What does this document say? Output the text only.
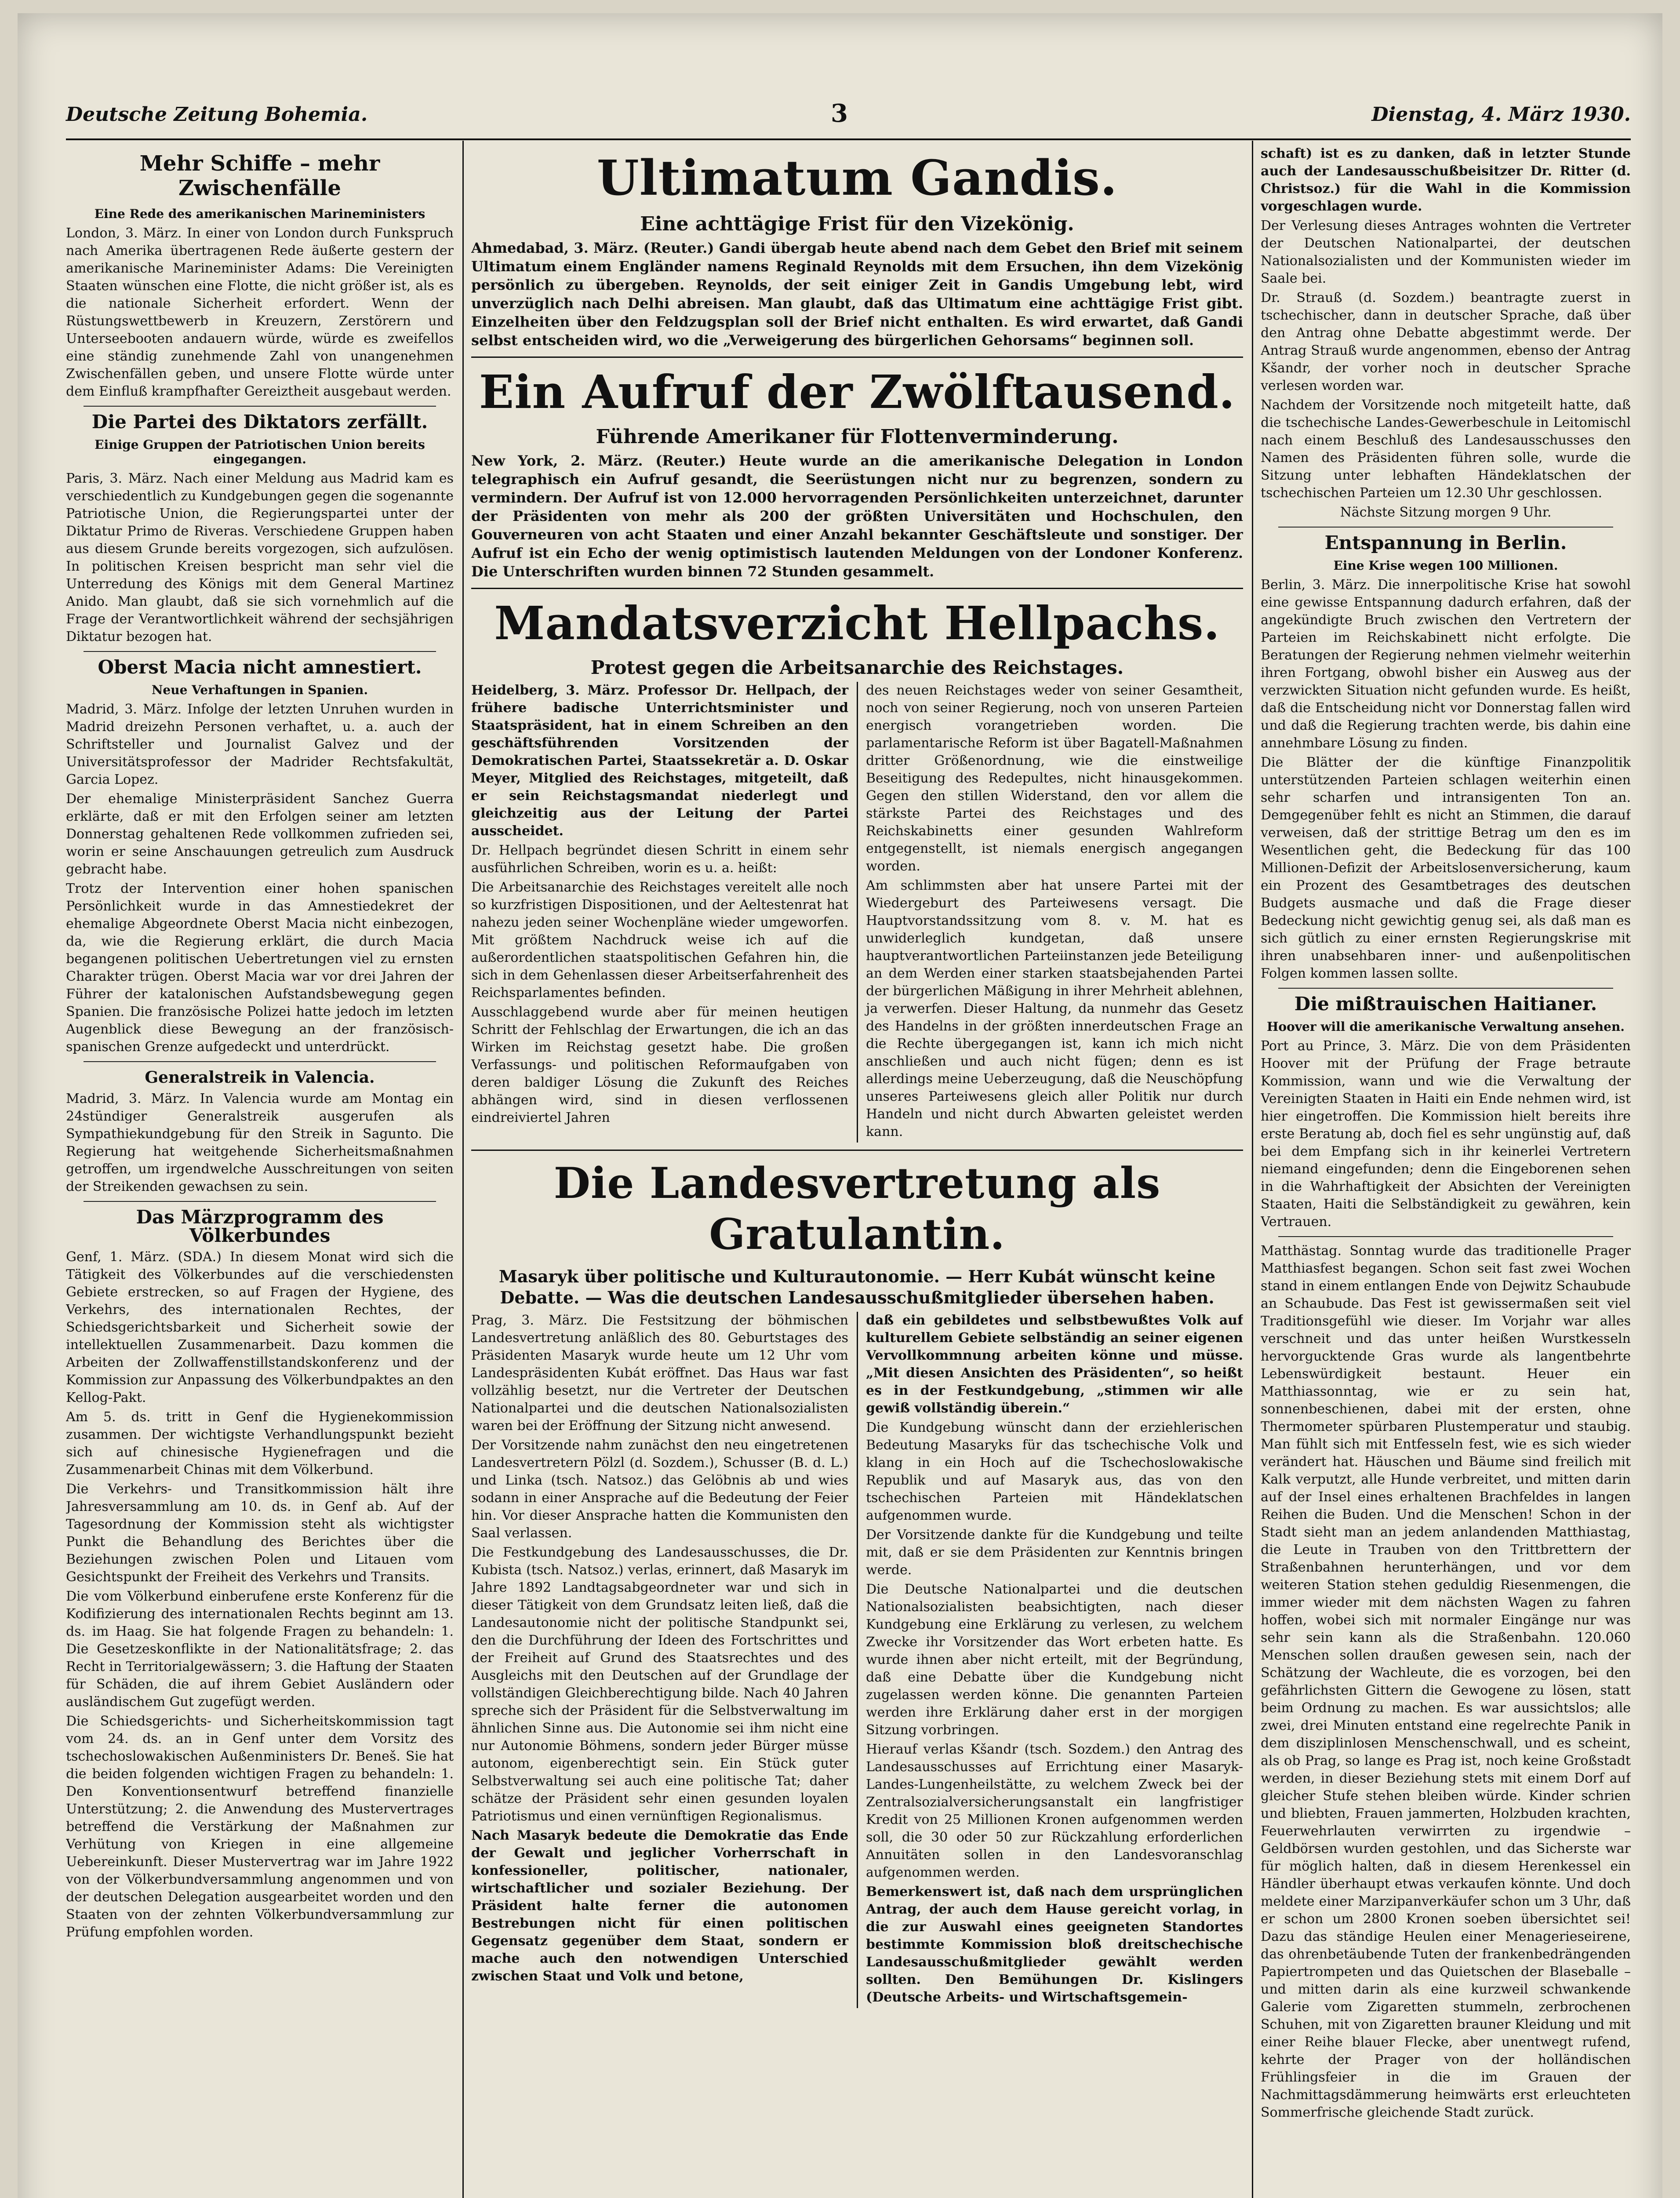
Deutsche Zeitung Bohemia.	3	Dienstag, 4. März 1930.
Mehr Schiffe – mehr Zwischenfälle
Eine Rede des amerikanischen Marineministers

London, 3. März. In einer von London durch Funkspruch nach Amerika übertragenen Rede äußerte gestern der amerikanische Marineminister Adams: Die Vereinigten Staaten wünschen eine Flotte, die nicht größer ist, als es die nationale Sicherheit erfordert. Wenn der Rüstungswettbewerb in Kreuzern, Zerstörern und Unterseebooten andauern würde, würde es zweifellos eine ständig zunehmende Zahl von unangenehmen Zwischenfällen geben, und unsere Flotte würde unter dem Einfluß krampfhafter Gereiztheit ausgebaut werden.

Die Partei des Diktators zerfällt.
Einige Gruppen der Patriotischen Union bereits eingegangen.

Paris, 3. März. Nach einer Meldung aus Madrid kam es verschiedentlich zu Kundgebungen gegen die sogenannte Patriotische Union, die Regierungspartei unter der Diktatur Primo de Riveras. Verschiedene Gruppen haben aus diesem Grunde bereits vorgezogen, sich aufzulösen. In politischen Kreisen bespricht man sehr viel die Unterredung des Königs mit dem General Martinez Anido. Man glaubt, daß sie sich vornehmlich auf die Frage der Verantwortlichkeit während der sechsjährigen Diktatur bezogen hat.

Oberst Macia nicht amnestiert.
Neue Verhaftungen in Spanien.

Madrid, 3. März. Infolge der letzten Unruhen wurden in Madrid dreizehn Personen verhaftet, u. a. auch der Schriftsteller und Journalist Galvez und der Universitätsprofessor der Madrider Rechtsfakultät, Garcia Lopez.

Der ehemalige Ministerpräsident Sanchez Guerra erklärte, daß er mit den Erfolgen seiner am letzten Donnerstag gehaltenen Rede vollkommen zufrieden sei, worin er seine Anschauungen getreulich zum Ausdruck gebracht habe.

Trotz der Intervention einer hohen spanischen Persönlichkeit wurde in das Amnestiedekret der ehemalige Abgeordnete Oberst Macia nicht einbezogen, da, wie die Regierung erklärt, die durch Macia begangenen politischen Uebertretungen viel zu ernsten Charakter trügen. Oberst Macia war vor drei Jahren der Führer der katalonischen Aufstandsbewegung gegen Spanien. Die französische Polizei hatte jedoch im letzten Augenblick diese Bewegung an der französisch-spanischen Grenze aufgedeckt und unterdrückt.

Generalstreik in Valencia.

Madrid, 3. März. In Valencia wurde am Montag ein 24stündiger Generalstreik ausgerufen als Sympathiekundgebung für den Streik in Sagunto. Die Regierung hat weitgehende Sicherheitsmaßnahmen getroffen, um irgendwelche Ausschreitungen von seiten der Streikenden gewachsen zu sein.

Das Märzprogramm des Völkerbundes

Genf, 1. März. (SDA.) In diesem Monat wird sich die Tätigkeit des Völkerbundes auf die verschiedensten Gebiete erstrecken, so auf Fragen der Hygiene, des Verkehrs, des internationalen Rechtes, der Schiedsgerichtsbarkeit und Sicherheit sowie der intellektuellen Zusammenarbeit. Dazu kommen die Arbeiten der Zollwaffenstillstandskonferenz und der Kommission zur Anpassung des Völkerbundpaktes an den Kellog-Pakt.

Am 5. ds. tritt in Genf die Hygienekommission zusammen. Der wichtigste Verhandlungspunkt bezieht sich auf chinesische Hygienefragen und die Zusammenarbeit Chinas mit dem Völkerbund.

Die Verkehrs- und Transitkommission hält ihre Jahresversammlung am 10. ds. in Genf ab. Auf der Tagesordnung der Kommission steht als wichtigster Punkt die Behandlung des Berichtes über die Beziehungen zwischen Polen und Litauen vom Gesichtspunkt der Freiheit des Verkehrs und Transits.

Die vom Völkerbund einberufene erste Konferenz für die Kodifizierung des internationalen Rechts beginnt am 13. ds. im Haag. Sie hat folgende Fragen zu behandeln: 1. Die Gesetzeskonflikte in der Nationalitätsfrage; 2. das Recht in Territorialgewässern; 3. die Haftung der Staaten für Schäden, die auf ihrem Gebiet Ausländern oder ausländischem Gut zugefügt werden.

Die Schiedsgerichts- und Sicherheitskommission tagt vom 24. ds. an in Genf unter dem Vorsitz des tschechoslowakischen Außenministers Dr. Beneš. Sie hat die beiden folgenden wichtigen Fragen zu behandeln: 1. Den Konventionsentwurf betreffend finanzielle Unterstützung; 2. die Anwendung des Mustervertrages betreffend die Verstärkung der Maßnahmen zur Verhütung von Kriegen in eine allgemeine Uebereinkunft. Dieser Mustervertrag war im Jahre 1922 von der Völkerbundversammlung angenommen und von der deutschen Delegation ausgearbeitet worden und den Staaten von der zehnten Völkerbundversammlung zur Prüfung empfohlen worden.

Ultimatum Gandis.
Eine achttägige Frist für den Vizekönig.

Ahmedabad, 3. März. (Reuter.) Gandi übergab heute abend nach dem Gebet den Brief mit seinem Ultimatum einem Engländer namens Reginald Reynolds mit dem Ersuchen, ihn dem Vizekönig persönlich zu übergeben. Reynolds, der seit einiger Zeit in Gandis Umgebung lebt, wird unverzüglich nach Delhi abreisen. Man glaubt, daß das Ultimatum eine achttägige Frist gibt. Einzelheiten über den Feldzugsplan soll der Brief nicht enthalten. Es wird erwartet, daß Gandi selbst entscheiden wird, wo die „Verweigerung des bürgerlichen Gehorsams“ beginnen soll.

Ein Aufruf der Zwölftausend.
Führende Amerikaner für Flottenverminderung.

New York, 2. März. (Reuter.) Heute wurde an die amerikanische Delegation in London telegraphisch ein Aufruf gesandt, die Seerüstungen nicht nur zu begrenzen, sondern zu vermindern. Der Aufruf ist von 12.000 hervorragenden Persönlichkeiten unterzeichnet, darunter der Präsidenten von mehr als 200 der größten Universitäten und Hochschulen, den Gouverneuren von acht Staaten und einer Anzahl bekannter Geschäftsleute und sonstiger. Der Aufruf ist ein Echo der wenig optimistisch lautenden Meldungen von der Londoner Konferenz. Die Unterschriften wurden binnen 72 Stunden gesammelt.

Mandatsverzicht Hellpachs.
Protest gegen die Arbeitsanarchie des Reichstages.

Heidelberg, 3. März. Professor Dr. Hellpach, der frühere badische Unterrichtsminister und Staatspräsident, hat in einem Schreiben an den geschäftsführenden Vorsitzenden der Demokratischen Partei, Staatssekretär a. D. Oskar Meyer, Mitglied des Reichstages, mitgeteilt, daß er sein Reichstagsmandat niederlegt und gleichzeitig aus der Leitung der Partei ausscheidet.

Dr. Hellpach begründet diesen Schritt in einem sehr ausführlichen Schreiben, worin es u. a. heißt:

Die Arbeitsanarchie des Reichstages vereitelt alle noch so kurzfristigen Dispositionen, und der Aeltestenrat hat nahezu jeden seiner Wochenpläne wieder umgeworfen. Mit größtem Nachdruck weise ich auf die außerordentlichen staatspolitischen Gefahren hin, die sich in dem Gehenlassen dieser Arbeitserfahrenheit des Reichsparlamentes befinden.

Ausschlaggebend wurde aber für meinen heutigen Schritt der Fehlschlag der Erwartungen, die ich an das Wirken im Reichstag gesetzt habe. Die großen Verfassungs- und politischen Reformaufgaben von deren baldiger Lösung die Zukunft des Reiches abhängen wird, sind in diesen verflossenen eindreiviertel Jahren

des neuen Reichstages weder von seiner Gesamtheit, noch von seiner Regierung, noch von unseren Parteien energisch vorangetrieben worden. Die parlamentarische Reform ist über Bagatell-Maßnahmen dritter Größenordnung, wie die einstweilige Beseitigung des Redepultes, nicht hinausgekommen. Gegen den stillen Widerstand, den vor allem die stärkste Partei des Reichstages und des Reichskabinetts einer gesunden Wahlreform entgegenstellt, ist niemals energisch angegangen worden.

Am schlimmsten aber hat unsere Partei mit der Wiedergeburt des Parteiwesens versagt. Die Hauptvorstandssitzung vom 8. v. M. hat es unwiderleglich kundgetan, daß unsere hauptverantwortlichen Parteiinstanzen jede Beteiligung an dem Werden einer starken staatsbejahenden Partei der bürgerlichen Mäßigung in ihrer Mehrheit ablehnen, ja verwerfen. Dieser Haltung, da nunmehr das Gesetz des Handelns in der größten innerdeutschen Frage an die Rechte übergegangen ist, kann ich mich nicht anschließen und auch nicht fügen; denn es ist allerdings meine Ueberzeugung, daß die Neuschöpfung unseres Parteiwesens gleich aller Politik nur durch Handeln und nicht durch Abwarten geleistet werden kann.

Die Landesvertretung als Gratulantin.
Masaryk über politische und Kulturautonomie. — Herr Kubát wünscht keine Debatte. — Was die deutschen Landesausschußmitglieder übersehen haben.

Prag, 3. März. Die Festsitzung der böhmischen Landesvertretung anläßlich des 80. Geburtstages des Präsidenten Masaryk wurde heute um 12 Uhr vom Landespräsidenten Kubát eröffnet. Das Haus war fast vollzählig besetzt, nur die Vertreter der Deutschen Nationalpartei und die deutschen Nationalsozialisten waren bei der Eröffnung der Sitzung nicht anwesend.

Der Vorsitzende nahm zunächst den neu eingetretenen Landesvertretern Pölzl (d. Sozdem.), Schusser (B. d. L.) und Linka (tsch. Natsoz.) das Gelöbnis ab und wies sodann in einer Ansprache auf die Bedeutung der Feier hin. Vor dieser Ansprache hatten die Kommunisten den Saal verlassen.

Die Festkundgebung des Landesausschusses, die Dr. Kubista (tsch. Natsoz.) verlas, erinnert, daß Masaryk im Jahre 1892 Landtagsabgeordneter war und sich in dieser Tätigkeit von dem Grundsatz leiten ließ, daß die Landesautonomie nicht der politische Standpunkt sei, den die Durchführung der Ideen des Fortschrittes und der Freiheit auf Grund des Staatsrechtes und des Ausgleichs mit den Deutschen auf der Grundlage der vollständigen Gleichberechtigung bilde. Nach 40 Jahren spreche sich der Präsident für die Selbstverwaltung im ähnlichen Sinne aus. Die Autonomie sei ihm nicht eine nur Autonomie Böhmens, sondern jeder Bürger müsse autonom, eigenberechtigt sein. Ein Stück guter Selbstverwaltung sei auch eine politische Tat; daher schätze der Präsident sehr einen gesunden loyalen Patriotismus und einen vernünftigen Regionalismus.

Nach Masaryk bedeute die Demokratie das Ende der Gewalt und jeglicher Vorherrschaft in konfessioneller, politischer, nationaler, wirtschaftlicher und sozialer Beziehung. Der Präsident halte ferner die autonomen Bestrebungen nicht für einen politischen Gegensatz gegenüber dem Staat, sondern er mache auch den notwendigen Unterschied zwischen Staat und Volk und betone,

daß ein gebildetes und selbstbewußtes Volk auf kulturellem Gebiete selbständig an seiner eigenen Vervollkommnung arbeiten könne und müsse. „Mit diesen Ansichten des Präsidenten“, so heißt es in der Festkundgebung, „stimmen wir alle gewiß vollständig überein.“

Die Kundgebung wünscht dann der erziehlerischen Bedeutung Masaryks für das tschechische Volk und klang in ein Hoch auf die Tschechoslowakische Republik und auf Masaryk aus, das von den tschechischen Parteien mit Händeklatschen aufgenommen wurde.

Der Vorsitzende dankte für die Kundgebung und teilte mit, daß er sie dem Präsidenten zur Kenntnis bringen werde.

Die Deutsche Nationalpartei und die deutschen Nationalsozialisten beabsichtigten, nach dieser Kundgebung eine Erklärung zu verlesen, zu welchem Zwecke ihr Vorsitzender das Wort erbeten hatte. Es wurde ihnen aber nicht erteilt, mit der Begründung, daß eine Debatte über die Kundgebung nicht zugelassen werden könne. Die genannten Parteien werden ihre Erklärung daher erst in der morgigen Sitzung vorbringen.

Hierauf verlas Kšandr (tsch. Sozdem.) den Antrag des Landesausschusses auf Errichtung einer Masaryk-Landes-Lungenheilstätte, zu welchem Zweck bei der Zentralsozialversicherungsanstalt ein langfristiger Kredit von 25 Millionen Kronen aufgenommen werden soll, die 30 oder 50 zur Rückzahlung erforderlichen Annuitäten sollen in den Landesvoranschlag aufgenommen werden.

Bemerkenswert ist, daß nach dem ursprünglichen Antrag, der auch dem Hause gereicht vorlag, in die zur Auswahl eines geeigneten Standortes bestimmte Kommission bloß dreitschechische Landesausschußmitglieder gewählt werden sollten. Den Bemühungen Dr. Kislingers (Deutsche Arbeits- und Wirtschaftsgemein-

schaft) ist es zu danken, daß in letzter Stunde auch der Landesausschußbeisitzer Dr. Ritter (d. Christsoz.) für die Wahl in die Kommission vorgeschlagen wurde.

Der Verlesung dieses Antrages wohnten die Vertreter der Deutschen Nationalpartei, der deutschen Nationalsozialisten und der Kommunisten wieder im Saale bei.

Dr. Strauß (d. Sozdem.) beantragte zuerst in tschechischer, dann in deutscher Sprache, daß über den Antrag ohne Debatte abgestimmt werde. Der Antrag Strauß wurde angenommen, ebenso der Antrag Kšandr, der vorher noch in deutscher Sprache verlesen worden war.

Nachdem der Vorsitzende noch mitgeteilt hatte, daß die tschechische Landes-Gewerbeschule in Leitomischl nach einem Beschluß des Landesausschusses den Namen des Präsidenten führen solle, wurde die Sitzung unter lebhaften Händeklatschen der tschechischen Parteien um 12.30 Uhr geschlossen.

Nächste Sitzung morgen 9 Uhr.

Entspannung in Berlin.
Eine Krise wegen 100 Millionen.

Berlin, 3. März. Die innerpolitische Krise hat sowohl eine gewisse Entspannung dadurch erfahren, daß der angekündigte Bruch zwischen den Vertretern der Parteien im Reichskabinett nicht erfolgte. Die Beratungen der Regierung nehmen vielmehr weiterhin ihren Fortgang, obwohl bisher ein Ausweg aus der verzwickten Situation nicht gefunden wurde. Es heißt, daß die Entscheidung nicht vor Donnerstag fallen wird und daß die Regierung trachten werde, bis dahin eine annehmbare Lösung zu finden.

Die Blätter der die künftige Finanzpolitik unterstützenden Parteien schlagen weiterhin einen sehr scharfen und intransigenten Ton an. Demgegenüber fehlt es nicht an Stimmen, die darauf verweisen, daß der strittige Betrag um den es im Wesentlichen geht, die Bedeckung für das 100 Millionen-Defizit der Arbeitslosenversicherung, kaum ein Prozent des Gesamtbetrages des deutschen Budgets ausmache und daß die Frage dieser Bedeckung nicht gewichtig genug sei, als daß man es sich gütlich zu einer ernsten Regierungskrise mit ihren unabsehbaren inner- und außenpolitischen Folgen kommen lassen sollte.

Die mißtrauischen Haitianer.
Hoover will die amerikanische Verwaltung ansehen.

Port au Prince, 3. März. Die von dem Präsidenten Hoover mit der Prüfung der Frage betraute Kommission, wann und wie die Verwaltung der Vereinigten Staaten in Haiti ein Ende nehmen wird, ist hier eingetroffen. Die Kommission hielt bereits ihre erste Beratung ab, doch fiel es sehr ungünstig auf, daß bei dem Empfang sich in ihr keinerlei Vertretern niemand eingefunden; denn die Eingeborenen sehen in die Wahrhaftigkeit der Absichten der Vereinigten Staaten, Haiti die Selbständigkeit zu gewähren, kein Vertrauen.

Matthästag. Sonntag wurde das traditionelle Prager Matthiasfest begangen. Schon seit fast zwei Wochen stand in einem entlangen Ende von Dejwitz Schaubude an Schaubude. Das Fest ist gewissermaßen seit viel Traditionsgefühl wie dieser. Im Vorjahr war alles verschneit und das unter heißen Wurstkesseln hervorgucktende Gras wurde als langentbehrte Lebenswürdigkeit bestaunt. Heuer ein Matthiassonntag, wie er zu sein hat, sonnenbeschienen, dabei mit der ersten, ohne Thermometer spürbaren Plustemperatur und staubig. Man fühlt sich mit Entfesseln fest, wie es sich wieder verändert hat. Häuschen und Bäume sind freilich mit Kalk verputzt, alle Hunde verbreitet, und mitten darin auf der Insel eines erhaltenen Brachfeldes in langen Reihen die Buden. Und die Menschen! Schon in der Stadt sieht man an jedem anlandenden Matthiastag, die Leute in Trauben von den Trittbrettern der Straßenbahnen herunterhängen, und vor dem weiteren Station stehen geduldig Riesenmengen, die immer wieder mit dem nächsten Wagen zu fahren hoffen, wobei sich mit normaler Eingänge nur was sehr sein kann als die Straßenbahn. 120.060 Menschen sollen draußen gewesen sein, nach der Schätzung der Wachleute, die es vorzogen, bei den gefährlichsten Gittern die Gewogene zu lösen, statt beim Ordnung zu machen. Es war aussichtslos; alle zwei, drei Minuten entstand eine regelrechte Panik in dem disziplinlosen Menschenschwall, und es scheint, als ob Prag, so lange es Prag ist, noch keine Großstadt werden, in dieser Beziehung stets mit einem Dorf auf gleicher Stufe stehen bleiben würde. Kinder schrien und bliebten, Frauen jammerten, Holzbuden krachten, Feuerwehrlauten verwirrten zu irgendwie – Geldbörsen wurden gestohlen, und das Sicherste war für möglich halten, daß in diesem Herenkessel ein Händler überhaupt etwas verkaufen könnte. Und doch meldete einer Marzipanverkäufer schon um 3 Uhr, daß er schon um 2800 Kronen soeben übersichtet sei! Dazu das ständige Heulen einer Menagerieseirene, das ohrenbetäubende Tuten der frankenbedrängenden Papiertrompeten und das Quietschen der Blaseballe – und mitten darin als eine kurzweil schwankende Galerie vom Zigaretten stummeln, zerbrochenen Schuhen, mit von Zigaretten brauner Kleidung und mit einer Reihe blauer Flecke, aber unentwegt rufend, kehrte der Prager von der holländischen Frühlingsfeier in die im Grauen der Nachmittagsdämmerung heimwärts erst erleuchteten Sommerfrische gleichende Stadt zurück.
